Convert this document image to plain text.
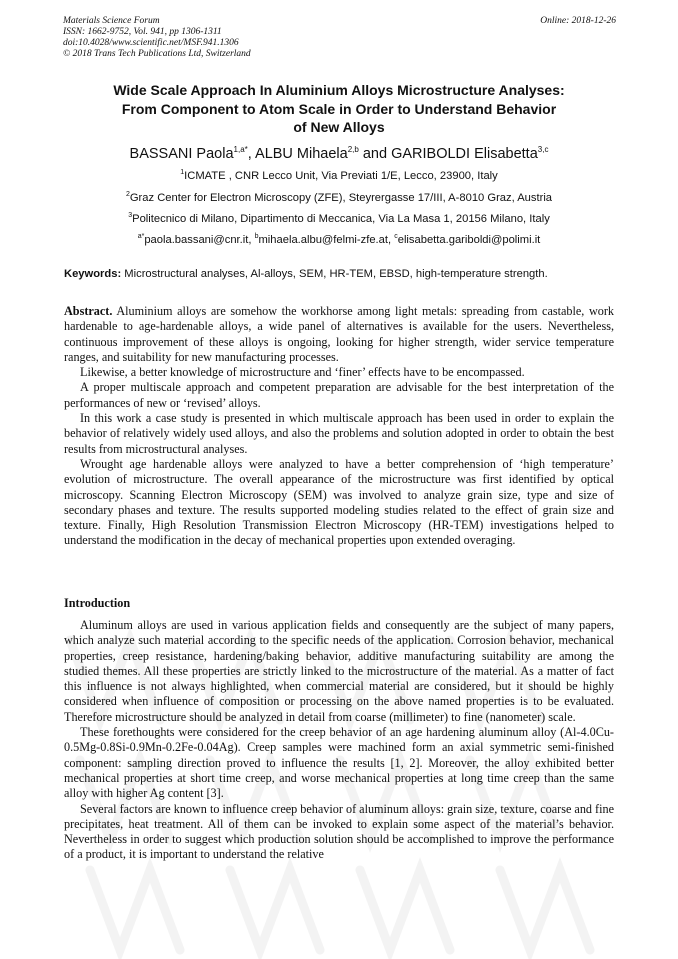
Materials Science Forum
ISSN: 1662-9752, Vol. 941, pp 1306-1311
doi:10.4028/www.scientific.net/MSF.941.1306
© 2018 Trans Tech Publications Ltd, Switzerland
Online: 2018-12-26
Wide Scale Approach In Aluminium Alloys Microstructure Analyses:
From Component to Atom Scale in Order to Understand Behavior
of New Alloys
BASSANI Paola$^{1,a*}$, ALBU Mihaela$^{2,b}$ and GARIBOLDI Elisabetta$^{3,c}$
$^1$ICMATE , CNR Lecco Unit, Via Previati 1/E, Lecco, 23900, Italy
$^2$Graz Center for Electron Microscopy (ZFE), Steyrergasse 17/III, A-8010 Graz, Austria
$^3$Politecnico di Milano, Dipartimento di Meccanica, Via La Masa 1, 20156 Milano, Italy
$^{a*}$paola.bassani@cnr.it, $^b$mihaela.albu@felmi-zfe.at, $^c$elisabetta.gariboldi@polimi.it
Keywords: Microstructural analyses, Al-alloys, SEM, HR-TEM, EBSD, high-temperature strength.

Abstract. Aluminium alloys are somehow the workhorse among light metals: spreading from castable, work hardenable to age-hardenable alloys, a wide panel of alternatives is available for the users. Nevertheless, continuous improvement of these alloys is ongoing, looking for higher strength, wider service temperature ranges, and suitability for new manufacturing processes.

Likewise, a better knowledge of microstructure and ‘finer’ effects have to be encompassed.

A proper multiscale approach and competent preparation are advisable for the best interpretation of the performances of new or ‘revised’ alloys.

In this work a case study is presented in which multiscale approach has been used in order to explain the behavior of relatively widely used alloys, and also the problems and solution adopted in order to obtain the best results from microstructural analyses.

Wrought age hardenable alloys were analyzed to have a better comprehension of ‘high temperature’ evolution of microstructure. The overall appearance of the microstructure was first identified by optical microscopy. Scanning Electron Microscopy (SEM) was involved to analyze grain size, type and size of secondary phases and texture. The results supported modeling studies related to the effect of grain size and texture. Finally, High Resolution Transmission Electron Microscopy (HR-TEM) investigations helped to understand the modification in the decay of mechanical properties upon extended overaging.

Introduction

Aluminum alloys are used in various application fields and consequently are the subject of many papers, which analyze such material according to the specific needs of the application. Corrosion behavior, mechanical properties, creep resistance, hardening/baking behavior, additive manufacturing suitability are among the studied themes. All these properties are strictly linked to the microstructure of the material. As a matter of fact this influence is not always highlighted, when commercial material are considered, but it should be highly considered when influence of composition or processing on the above named properties is to be evaluated. Therefore microstructure should be analyzed in detail from coarse (millimeter) to fine (nanometer) scale.

These forethoughts were considered for the creep behavior of an age hardening aluminum alloy (Al-4.0Cu-0.5Mg-0.8Si-0.9Mn-0.2Fe-0.04Ag). Creep samples were machined form an axial symmetric semi-finished component: sampling direction proved to influence the results [1, 2]. Moreover, the alloy exhibited better mechanical properties at short time creep, and worse mechanical properties at long time creep than the same alloy with higher Ag content [3].

Several factors are known to influence creep behavior of aluminum alloys: grain size, texture, coarse and fine precipitates, heat treatment. All of them can be invoked to explain some aspect of the material’s behavior. Nevertheless in order to suggest which production solution should be accomplished to improve the performance of a product, it is important to understand the relative
